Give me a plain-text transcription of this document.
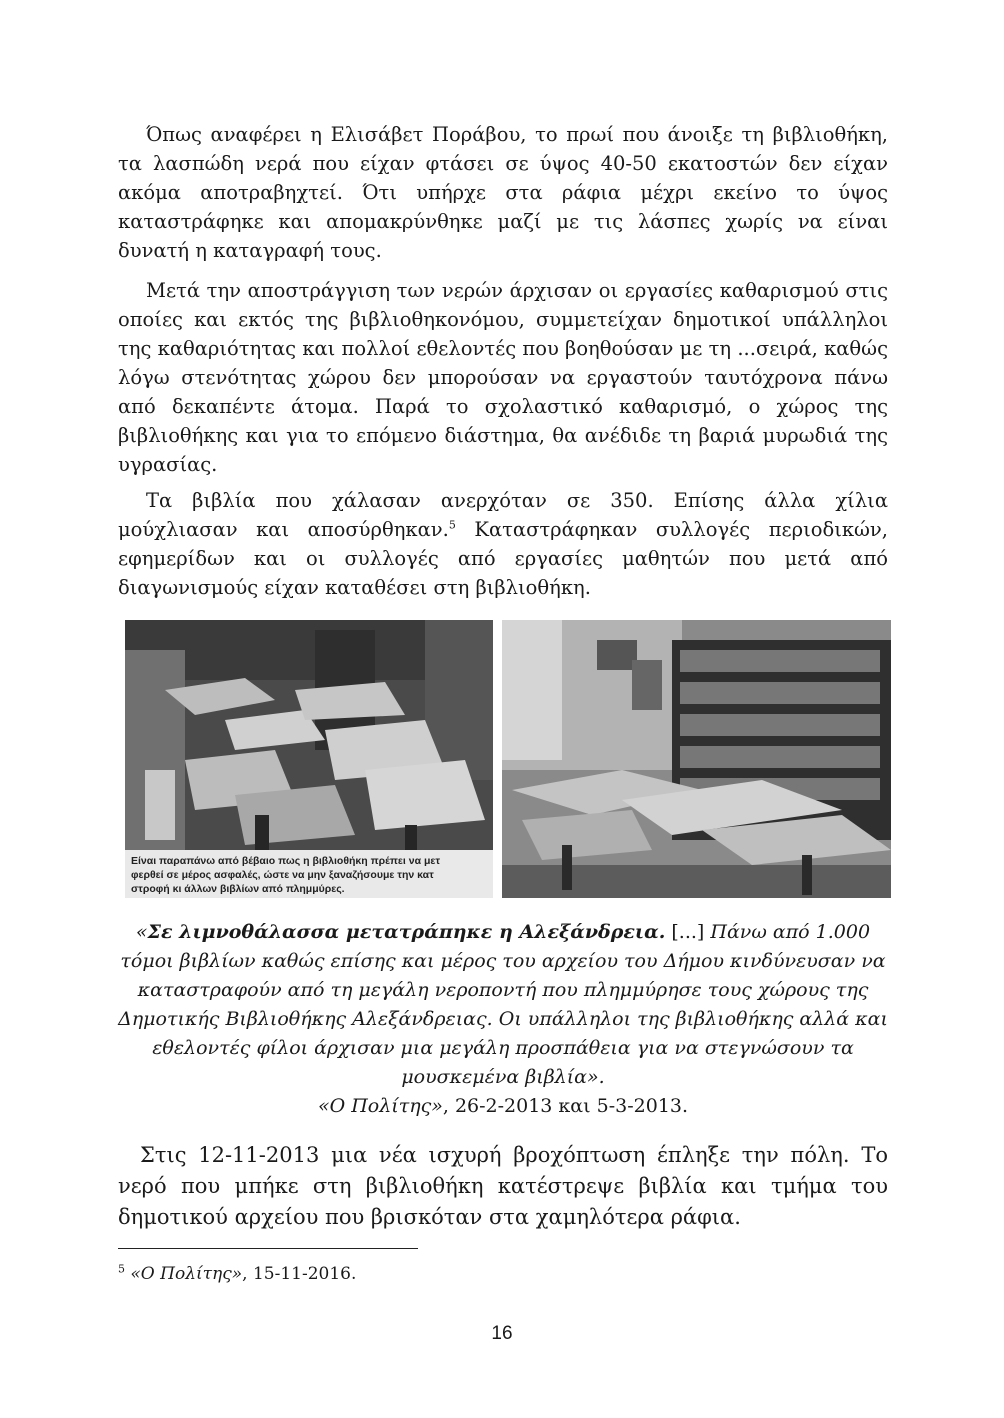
Όπως αναφέρει η Ελισάβετ Ποράβου, το πρωί που άνοιξε τη βιβλιοθήκη, τα λασπώδη νερά που είχαν φτάσει σε ύψος 40-50 εκατοστών δεν είχαν ακόμα αποτραβηχτεί. Ότι υπήρχε στα ράφια μέχρι εκείνο το ύψος καταστράφηκε και απομακρύνθηκε μαζί με τις λάσπες χωρίς να είναι δυνατή η καταγραφή τους.

Μετά την αποστράγγιση των νερών άρχισαν οι εργασίες καθαρισμού στις οποίες και εκτός της βιβλιοθηκονόμου, συμμετείχαν δημοτικοί υπάλληλοι της καθαριότητας και πολλοί εθελοντές που βοηθούσαν με τη ...σειρά, καθώς λόγω στενότητας χώρου δεν μπορούσαν να εργαστούν ταυτόχρονα πάνω από δεκαπέντε άτομα. Παρά το σχολαστικό καθαρισμό, ο χώρος της βιβλιοθήκης και για το επόμενο διάστημα, θα ανέδιδε τη βαριά μυρωδιά της υγρασίας.

Τα βιβλία που χάλασαν ανερχόταν σε 350. Επίσης άλλα χίλια μούχλιασαν και αποσύρθηκαν.$^5$ Καταστράφηκαν συλλογές περιοδικών, εφημερίδων και οι συλλογές από εργασίες μαθητών που μετά από διαγωνισμούς είχαν καταθέσει στη βιβλιοθήκη.

Είναι παραπάνω από βέβαιο πως η βιβλιοθήκη πρέπει να μετ
φερθεί σε μέρος ασφαλές, ώστε να μην ξαναζήσουμε την κατ
στροφή κι άλλων βιβλίων από πλημμύρες.
«Σε λιμνοθάλασσα μετατράπηκε η Αλεξάνδρεια. [...] Πάνω από 1.000 τόμοι βιβλίων καθώς επίσης και μέρος του αρχείου του Δήμου κινδύνευσαν να καταστραφούν από τη μεγάλη νεροποντή που πλημμύρησε τους χώρους της Δημοτικής Βιβλιοθήκης Αλεξάνδρειας. Οι υπάλληλοι της βιβλιοθήκης αλλά και εθελοντές φίλοι άρχισαν μια μεγάλη προσπάθεια για να στεγνώσουν τα μουσκεμένα βιβλία».
«Ο Πολίτης», 26-2-2013 και 5-3-2013.

Στις 12-11-2013 μια νέα ισχυρή βροχόπτωση έπληξε την πόλη. Το νερό που μπήκε στη βιβλιοθήκη κατέστρεψε βιβλία και τμήμα του δημοτικού αρχείου που βρισκόταν στα χαμηλότερα ράφια.

$^5$ «Ο Πολίτης», 15-11-2016.
16
